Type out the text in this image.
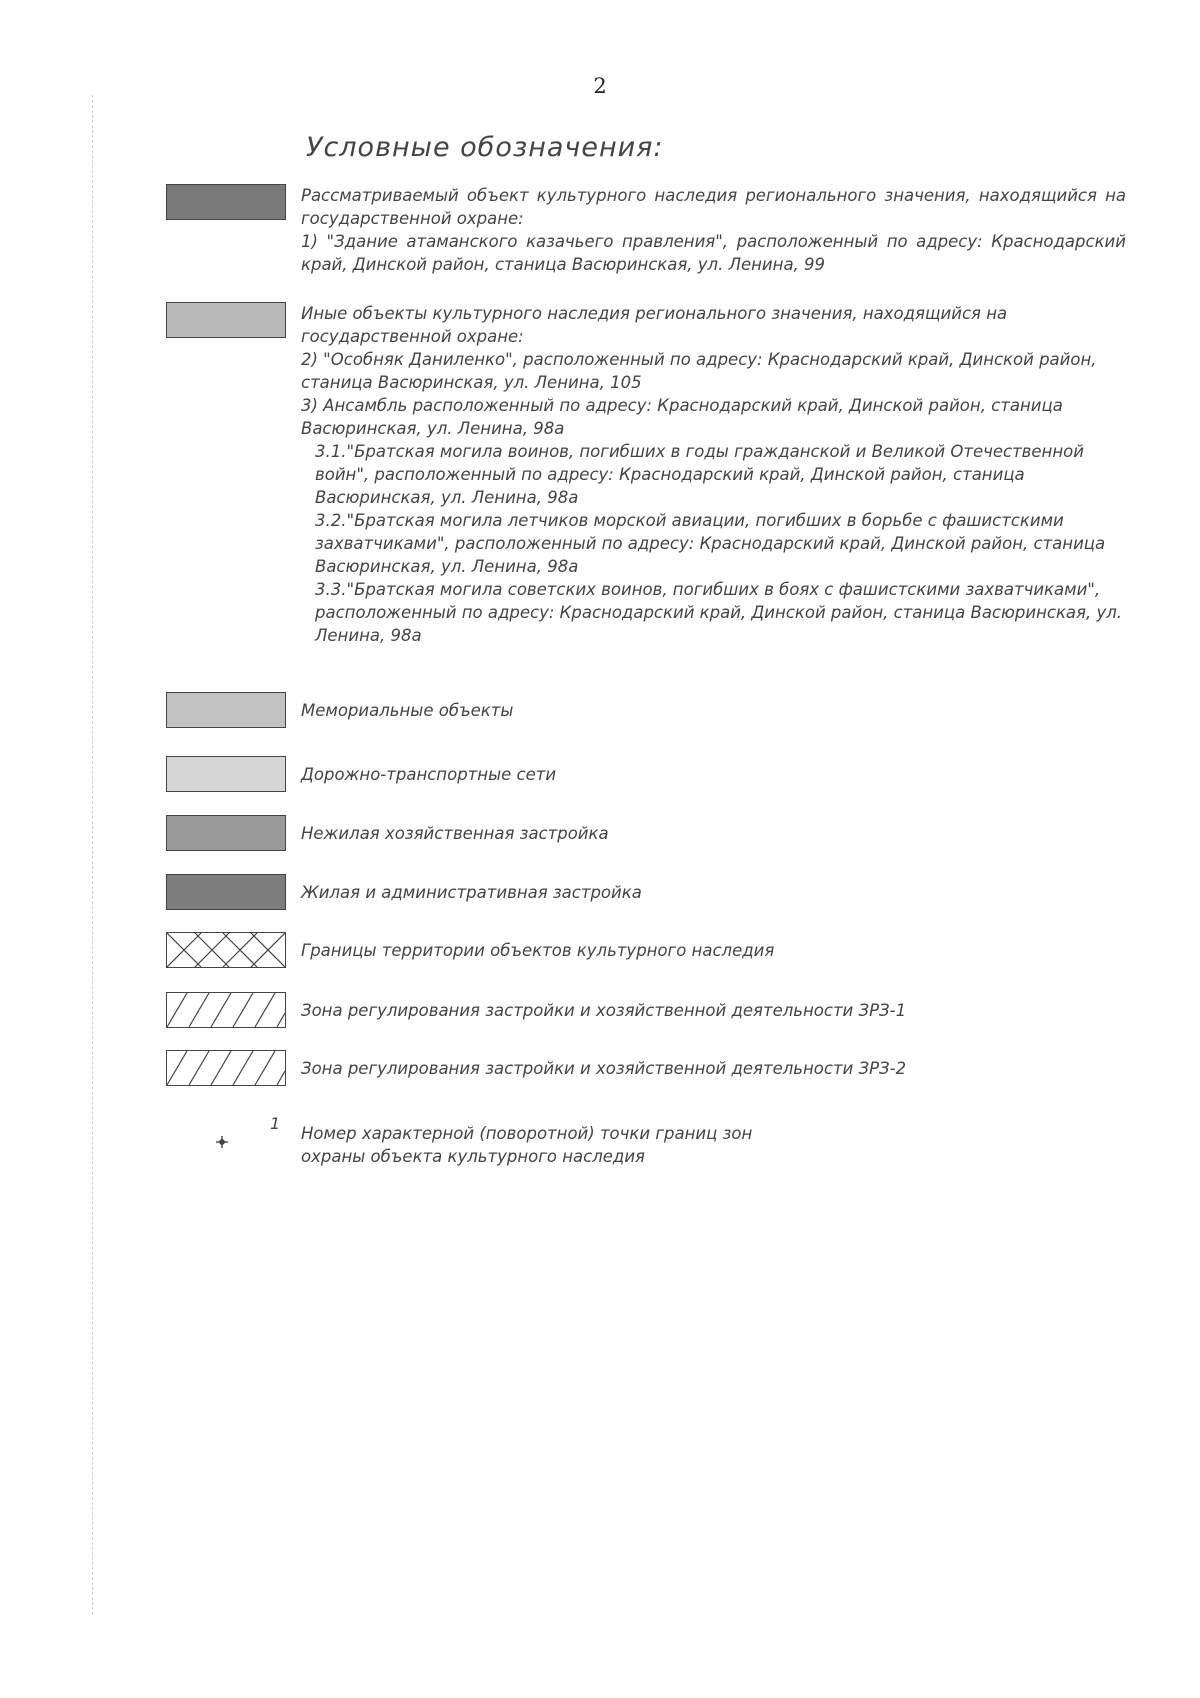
2
Условные обозначения:

Рассматриваемый объект культурного наследия регионального значения, находящийся на государственной охране:

1) "Здание атаманского казачьего правления", расположенный по адресу: Краснодарский край, Динской район, станица Васюринская, ул. Ленина, 99

Иные объекты культурного наследия регионального значения, находящийся на государственной охране:

2) "Особняк Даниленко", расположенный по адресу: Краснодарский край, Динской район, станица Васюринская, ул. Ленина, 105

3) Ансамбль расположенный по адресу: Краснодарский край, Динской район, станица Васюринская, ул. Ленина, 98а

3.1."Братская могила воинов, погибших в годы гражданской и Великой Отечественной войн", расположенный по адресу: Краснодарский край, Динской район, станица Васюринская, ул. Ленина, 98а

3.2."Братская могила летчиков морской авиации, погибших в борьбе с фашистскими захватчиками", расположенный по адресу: Краснодарский край, Динской район, станица Васюринская, ул. Ленина, 98а

3.3."Братская могила советских воинов, погибших в боях с фашистскими захватчиками", расположенный по адресу: Краснодарский край, Динской район, станица Васюринская, ул. Ленина, 98а

Мемориальные объекты
Дорожно-транспортные сети
Нежилая хозяйственная застройка
Жилая и административная застройка
Границы территории объектов культурного наследия
Зона регулирования застройки и хозяйственной деятельности ЗРЗ-1
Зона регулирования застройки и хозяйственной деятельности ЗРЗ-2
1

Номер характерной (поворотной) точки границ зон

охраны объекта культурного наследия
